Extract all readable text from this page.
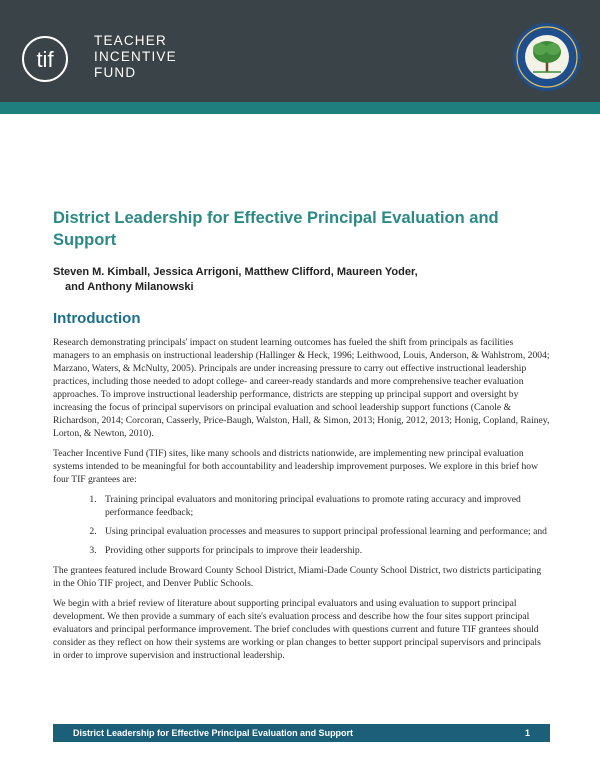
tif
TEACHER
INCENTIVE
FUND
District Leadership for Effective Principal Evaluation and Support
Steven M. Kimball, Jessica Arrigoni, Matthew Clifford, Maureen Yoder,
and Anthony Milanowski
Introduction

Research demonstrating principals' impact on student learning outcomes has fueled the shift from principals as facilities managers to an emphasis on instructional leadership (Hallinger & Heck, 1996; Leithwood, Louis, Anderson, & Wahlstrom, 2004; Marzano, Waters, & McNulty, 2005). Principals are under increasing pressure to carry out effective instructional leadership practices, including those needed to adopt college- and career-ready standards and more comprehensive teacher evaluation approaches. To improve instructional leadership performance, districts are stepping up principal support and oversight by increasing the focus of principal supervisors on principal evaluation and school leadership support functions (Canole & Richardson, 2014; Corcoran, Casserly, Price-Baugh, Walston, Hall, & Simon, 2013; Honig, 2012, 2013; Honig, Copland, Rainey, Lorton, & Newton, 2010).

Teacher Incentive Fund (TIF) sites, like many schools and districts nationwide, are implementing new principal evaluation systems intended to be meaningful for both accountability and leadership improvement purposes. We explore in this brief how four TIF grantees are:

1. Training principal evaluators and monitoring principal evaluations to promote rating accuracy and improved performance feedback;
2. Using principal evaluation processes and measures to support principal professional learning and performance; and
3. Providing other supports for principals to improve their leadership.

The grantees featured include Broward County School District, Miami-Dade County School District, two districts participating in the Ohio TIF project, and Denver Public Schools.

We begin with a brief review of literature about supporting principal evaluators and using evaluation to support principal development. We then provide a summary of each site's evaluation process and describe how the four sites support principal evaluators and principal performance improvement. The brief concludes with questions current and future TIF grantees should consider as they reflect on how their systems are working or plan changes to better support principal supervisors and principals in order to improve supervision and instructional leadership.

District Leadership for Effective Principal Evaluation and Support	1
